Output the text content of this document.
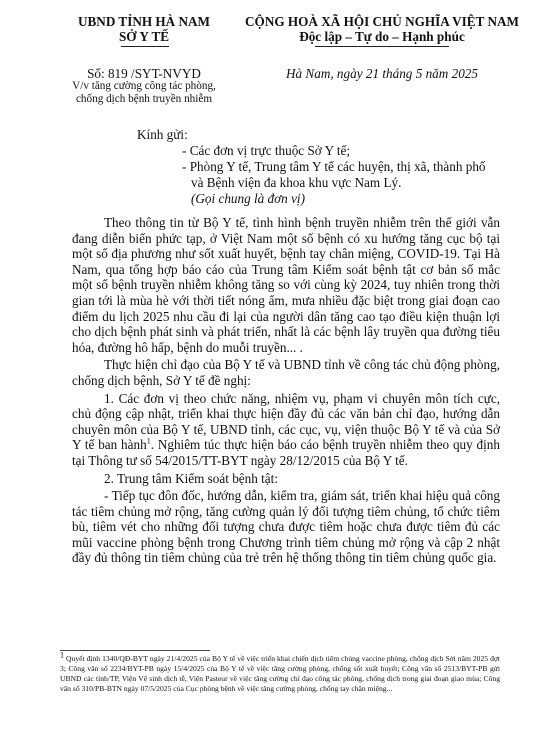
UBND TỈNH HÀ NAM
SỞ Y TẾ
Số: 819 /SYT-NVYD
V/v tăng cường công tác phòng,
chống dịch bệnh truyền nhiễm
CỘNG HOÀ XÃ HỘI CHỦ NGHĨA VIỆT NAM
Độc lập – Tự do – Hạnh phúc
Hà Nam, ngày 21 tháng 5 năm 2025
Kính gửi:
- Các đơn vị trực thuộc Sở Y tế;
- Phòng Y tế, Trung tâm Y tế các huyện, thị xã, thành phố
và Bệnh viện đa khoa khu vực Nam Lý.
(Gọi chung là đơn vị)

Theo thông tin từ Bộ Y tế, tình hình bệnh truyền nhiễm trên thế giới vẫn đang diễn biến phức tạp, ở Việt Nam một số bệnh có xu hướng tăng cục bộ tại một số địa phương như sốt xuất huyết, bệnh tay chân miệng, COVID-19. Tại Hà Nam, qua tổng hợp báo cáo của Trung tâm Kiểm soát bệnh tật cơ bản số mắc một số bệnh truyền nhiễm không tăng so với cùng kỳ 2024, tuy nhiên trong thời gian tới là mùa hè với thời tiết nóng ẩm, mưa nhiều đặc biệt trong giai đoạn cao điểm du lịch 2025 nhu cầu đi lại của người dân tăng cao tạo điều kiện thuận lợi cho dịch bệnh phát sinh và phát triển, nhất là các bệnh lây truyền qua đường tiêu hóa, đường hô hấp, bệnh do muỗi truyền... .

Thực hiện chỉ đạo của Bộ Y tế và UBND tỉnh về công tác chủ động phòng, chống dịch bệnh, Sở Y tế đề nghị:

1. Các đơn vị theo chức năng, nhiệm vụ, phạm vi chuyên môn tích cực, chủ động cập nhật, triển khai thực hiện đầy đủ các văn bản chỉ đạo, hướng dẫn chuyên môn của Bộ Y tế, UBND tỉnh, các cục, vụ, viện thuộc Bộ Y tế và của Sở Y tế ban hành$^1$. Nghiêm túc thực hiện báo cáo bệnh truyền nhiễm theo quy định tại Thông tư số 54/2015/TT-BYT ngày 28/12/2015 của Bộ Y tế.

2. Trung tâm Kiểm soát bệnh tật:

- Tiếp tục đôn đốc, hướng dẫn, kiểm tra, giám sát, triển khai hiệu quả công tác tiêm chủng mở rộng, tăng cường quản lý đối tượng tiêm chủng, tổ chức tiêm bù, tiêm vét cho những đối tượng chưa được tiêm hoặc chưa được tiêm đủ các mũi vaccine phòng bệnh trong Chương trình tiêm chủng mở rộng và cập 2 nhật đầy đủ thông tin tiêm chủng của trẻ trên hệ thống thông tin tiêm chủng quốc gia.

$^1$ Quyết định 1340/QĐ-BYT ngày 21/4/2025 của Bộ Y tế về việc triển khai chiến dịch tiêm chủng vaccine phòng, chống dịch Sởi năm 2025 đợt 3; Công văn số 2234/BYT-PB ngày 15/4/2025 của Bộ Y tế về việc tăng cường phòng, chống sốt xuất huyết; Công văn số 2513/BYT-PB gửi UBND các tỉnh/TP, Viện Vệ sinh dịch tễ, Viện Pasteur về việc tăng cường chỉ đạo công tác phòng, chống dịch trong giai đoạn giao mùa; Công văn số 310/PB-BTN ngày 07/5/2025 của Cục phòng bệnh về việc tăng cường phòng, chống tay chân miệng...
